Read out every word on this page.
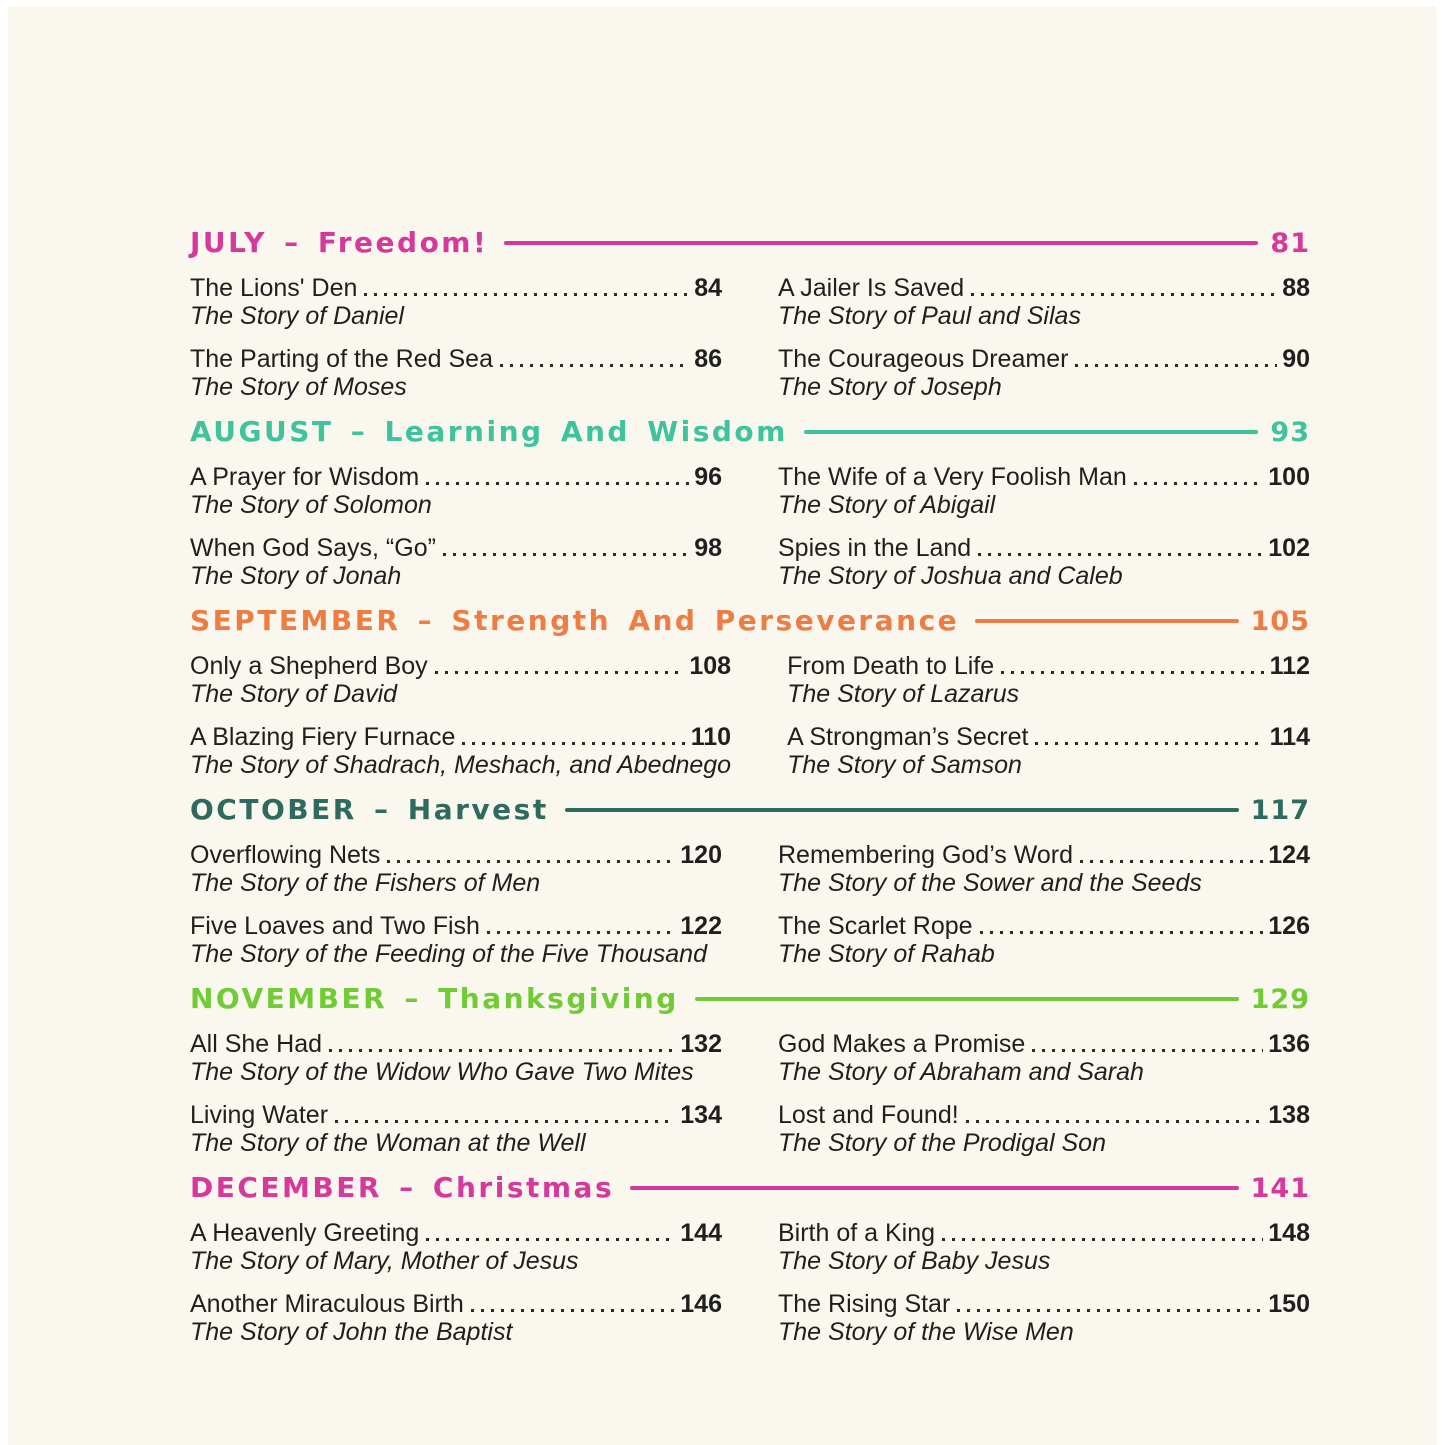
JULY – Freedom!	81
The Lions' Den	84
The Story of Daniel
A Jailer Is Saved	88
The Story of Paul and Silas
The Parting of the Red Sea	86
The Story of Moses
The Courageous Dreamer	90
The Story of Joseph
AUGUST – Learning And Wisdom	93
A Prayer for Wisdom	96
The Story of Solomon
The Wife of a Very Foolish Man	100
The Story of Abigail
When God Says, “Go”	98
The Story of Jonah
Spies in the Land	102
The Story of Joshua and Caleb
SEPTEMBER – Strength And Perseverance	105
Only a Shepherd Boy	108
The Story of David
From Death to Life	112
The Story of Lazarus
A Blazing Fiery Furnace	110
The Story of Shadrach, Meshach, and Abednego
A Strongman’s Secret	114
The Story of Samson
OCTOBER – Harvest	117
Overflowing Nets	120
The Story of the Fishers of Men
Remembering God’s Word	124
The Story of the Sower and the Seeds
Five Loaves and Two Fish	122
The Story of the Feeding of the Five Thousand
The Scarlet Rope	126
The Story of Rahab
NOVEMBER – Thanksgiving	129
All She Had	132
The Story of the Widow Who Gave Two Mites
God Makes a Promise	136
The Story of Abraham and Sarah
Living Water	134
The Story of the Woman at the Well
Lost and Found!	138
The Story of the Prodigal Son
DECEMBER – Christmas	141
A Heavenly Greeting	144
The Story of Mary, Mother of Jesus
Birth of a King	148
The Story of Baby Jesus
Another Miraculous Birth	146
The Story of John the Baptist
The Rising Star	150
The Story of the Wise Men
